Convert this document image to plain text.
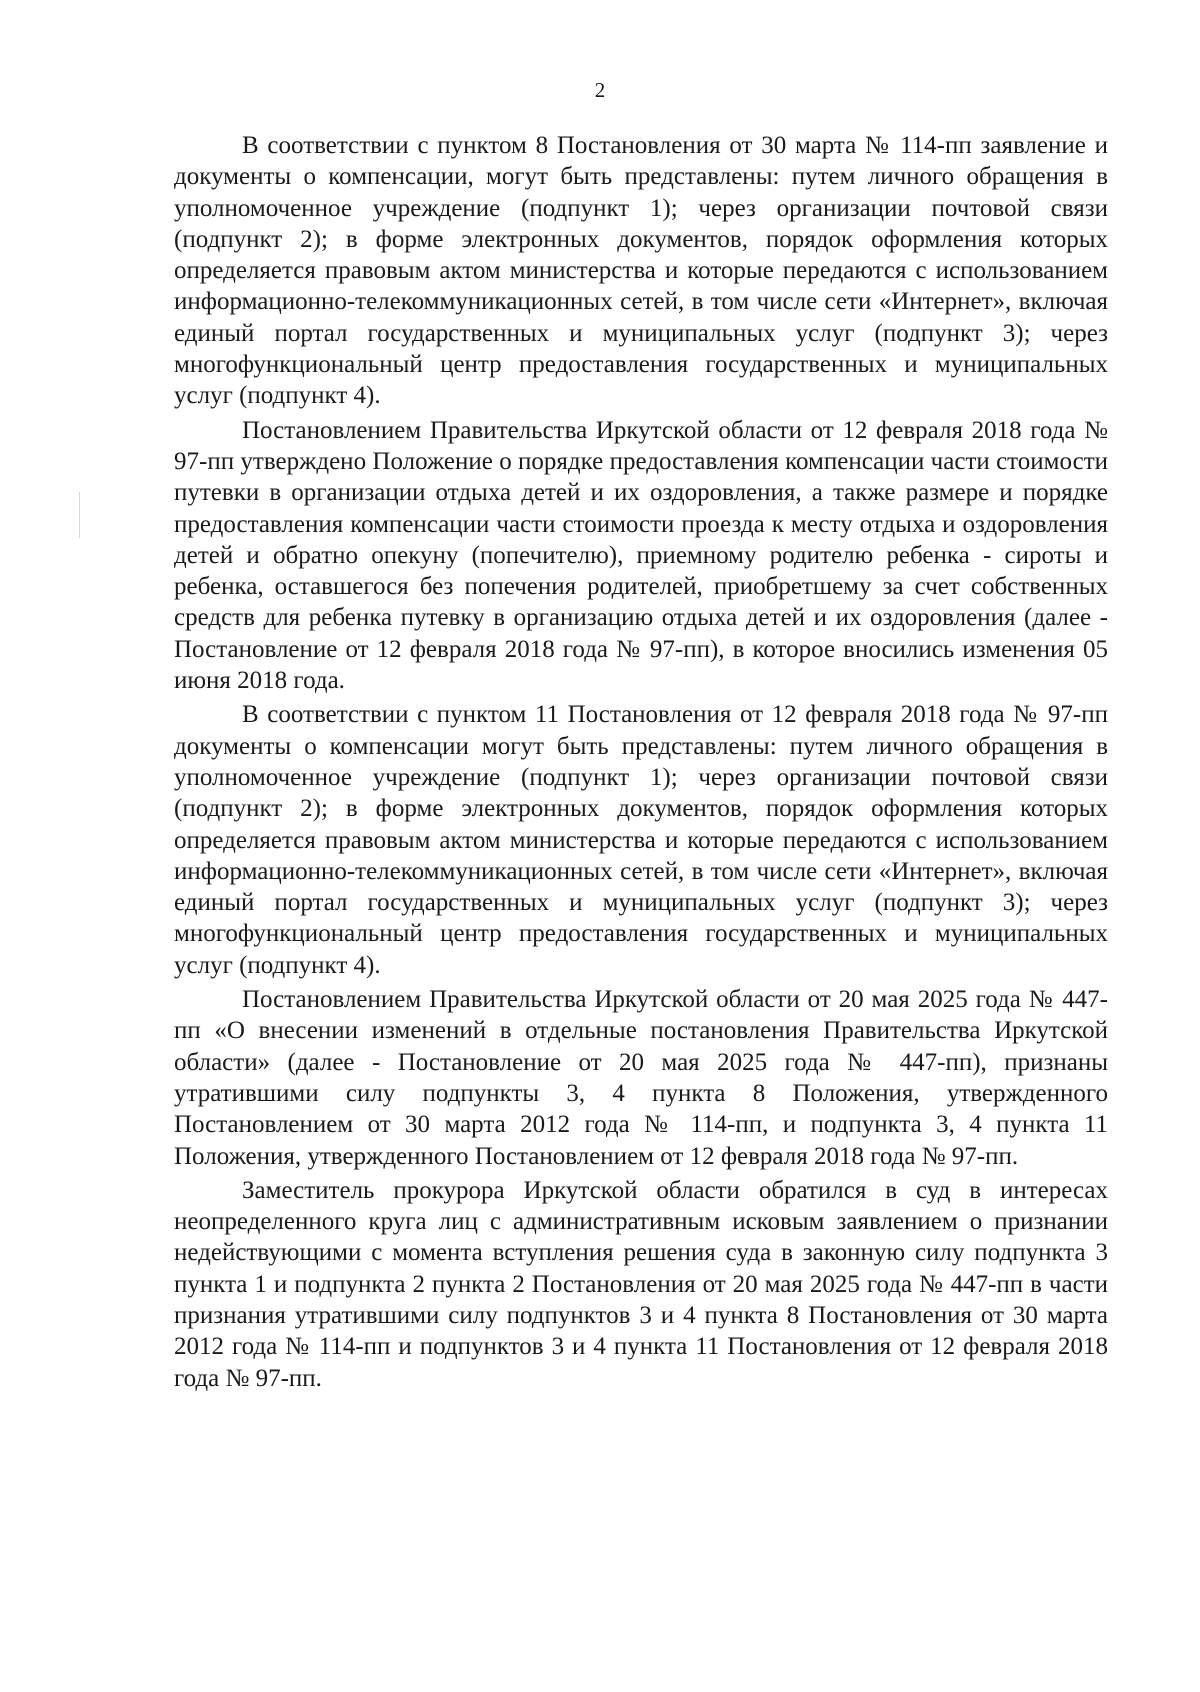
2

В соответствии с пунктом 8 Постановления от 30 марта № 114-пп заявление и документы о компенсации, могут быть представлены: путем личного обращения в уполномоченное учреждение (подпункт 1); через организации почтовой связи (подпункт 2); в форме электронных документов, порядок оформления которых определяется правовым актом министерства и которые передаются с использованием информационно-телекоммуникационных сетей, в том числе сети «Интернет», включая единый портал государственных и муниципальных услуг (подпункт 3); через многофункциональный центр предоставления государственных и муниципальных услуг (подпункт 4).

Постановлением Правительства Иркутской области от 12 февраля 2018 года № 97-пп утверждено Положение о порядке предоставления компенсации части стоимости путевки в организации отдыха детей и их оздоровления, а также размере и порядке предоставления компенсации части стоимости проезда к месту отдыха и оздоровления детей и обратно опекуну (попечителю), приемному родителю ребенка - сироты и ребенка, оставшегося без попечения родителей, приобретшему за счет собственных средств для ребенка путевку в организацию отдыха детей и их оздоровления (далее - Постановление от 12 февраля 2018 года № 97-пп), в которое вносились изменения 05 июня 2018 года.

В соответствии с пунктом 11 Постановления от 12 февраля 2018 года № 97-пп документы о компенсации могут быть представлены: путем личного обращения в уполномоченное учреждение (подпункт 1); через организации почтовой связи (подпункт 2); в форме электронных документов, порядок оформления которых определяется правовым актом министерства и которые передаются с использованием информационно-телекоммуникационных сетей, в том числе сети «Интернет», включая единый портал государственных и муниципальных услуг (подпункт 3); через многофункциональный центр предоставления государственных и муниципальных услуг (подпункт 4).

Постановлением Правительства Иркутской области от 20 мая 2025 года № 447-пп «О внесении изменений в отдельные постановления Правительства Иркутской области» (далее - Постановление от 20 мая 2025 года № 447-пп), признаны утратившими силу подпункты 3, 4 пункта 8 Положения, утвержденного Постановлением от 30 марта 2012 года № 114-пп, и подпункта 3, 4 пункта 11 Положения, утвержденного Постановлением от 12 февраля 2018 года № 97-пп.

Заместитель прокурора Иркутской области обратился в суд в интересах неопределенного круга лиц с административным исковым заявлением о признании недействующими с момента вступления решения суда в законную силу подпункта 3 пункта 1 и подпункта 2 пункта 2 Постановления от 20 мая 2025 года № 447-пп в части признания утратившими силу подпунктов 3 и 4 пункта 8 Постановления от 30 марта 2012 года № 114-пп и подпунктов 3 и 4 пункта 11 Постановления от 12 февраля 2018 года № 97-пп.
